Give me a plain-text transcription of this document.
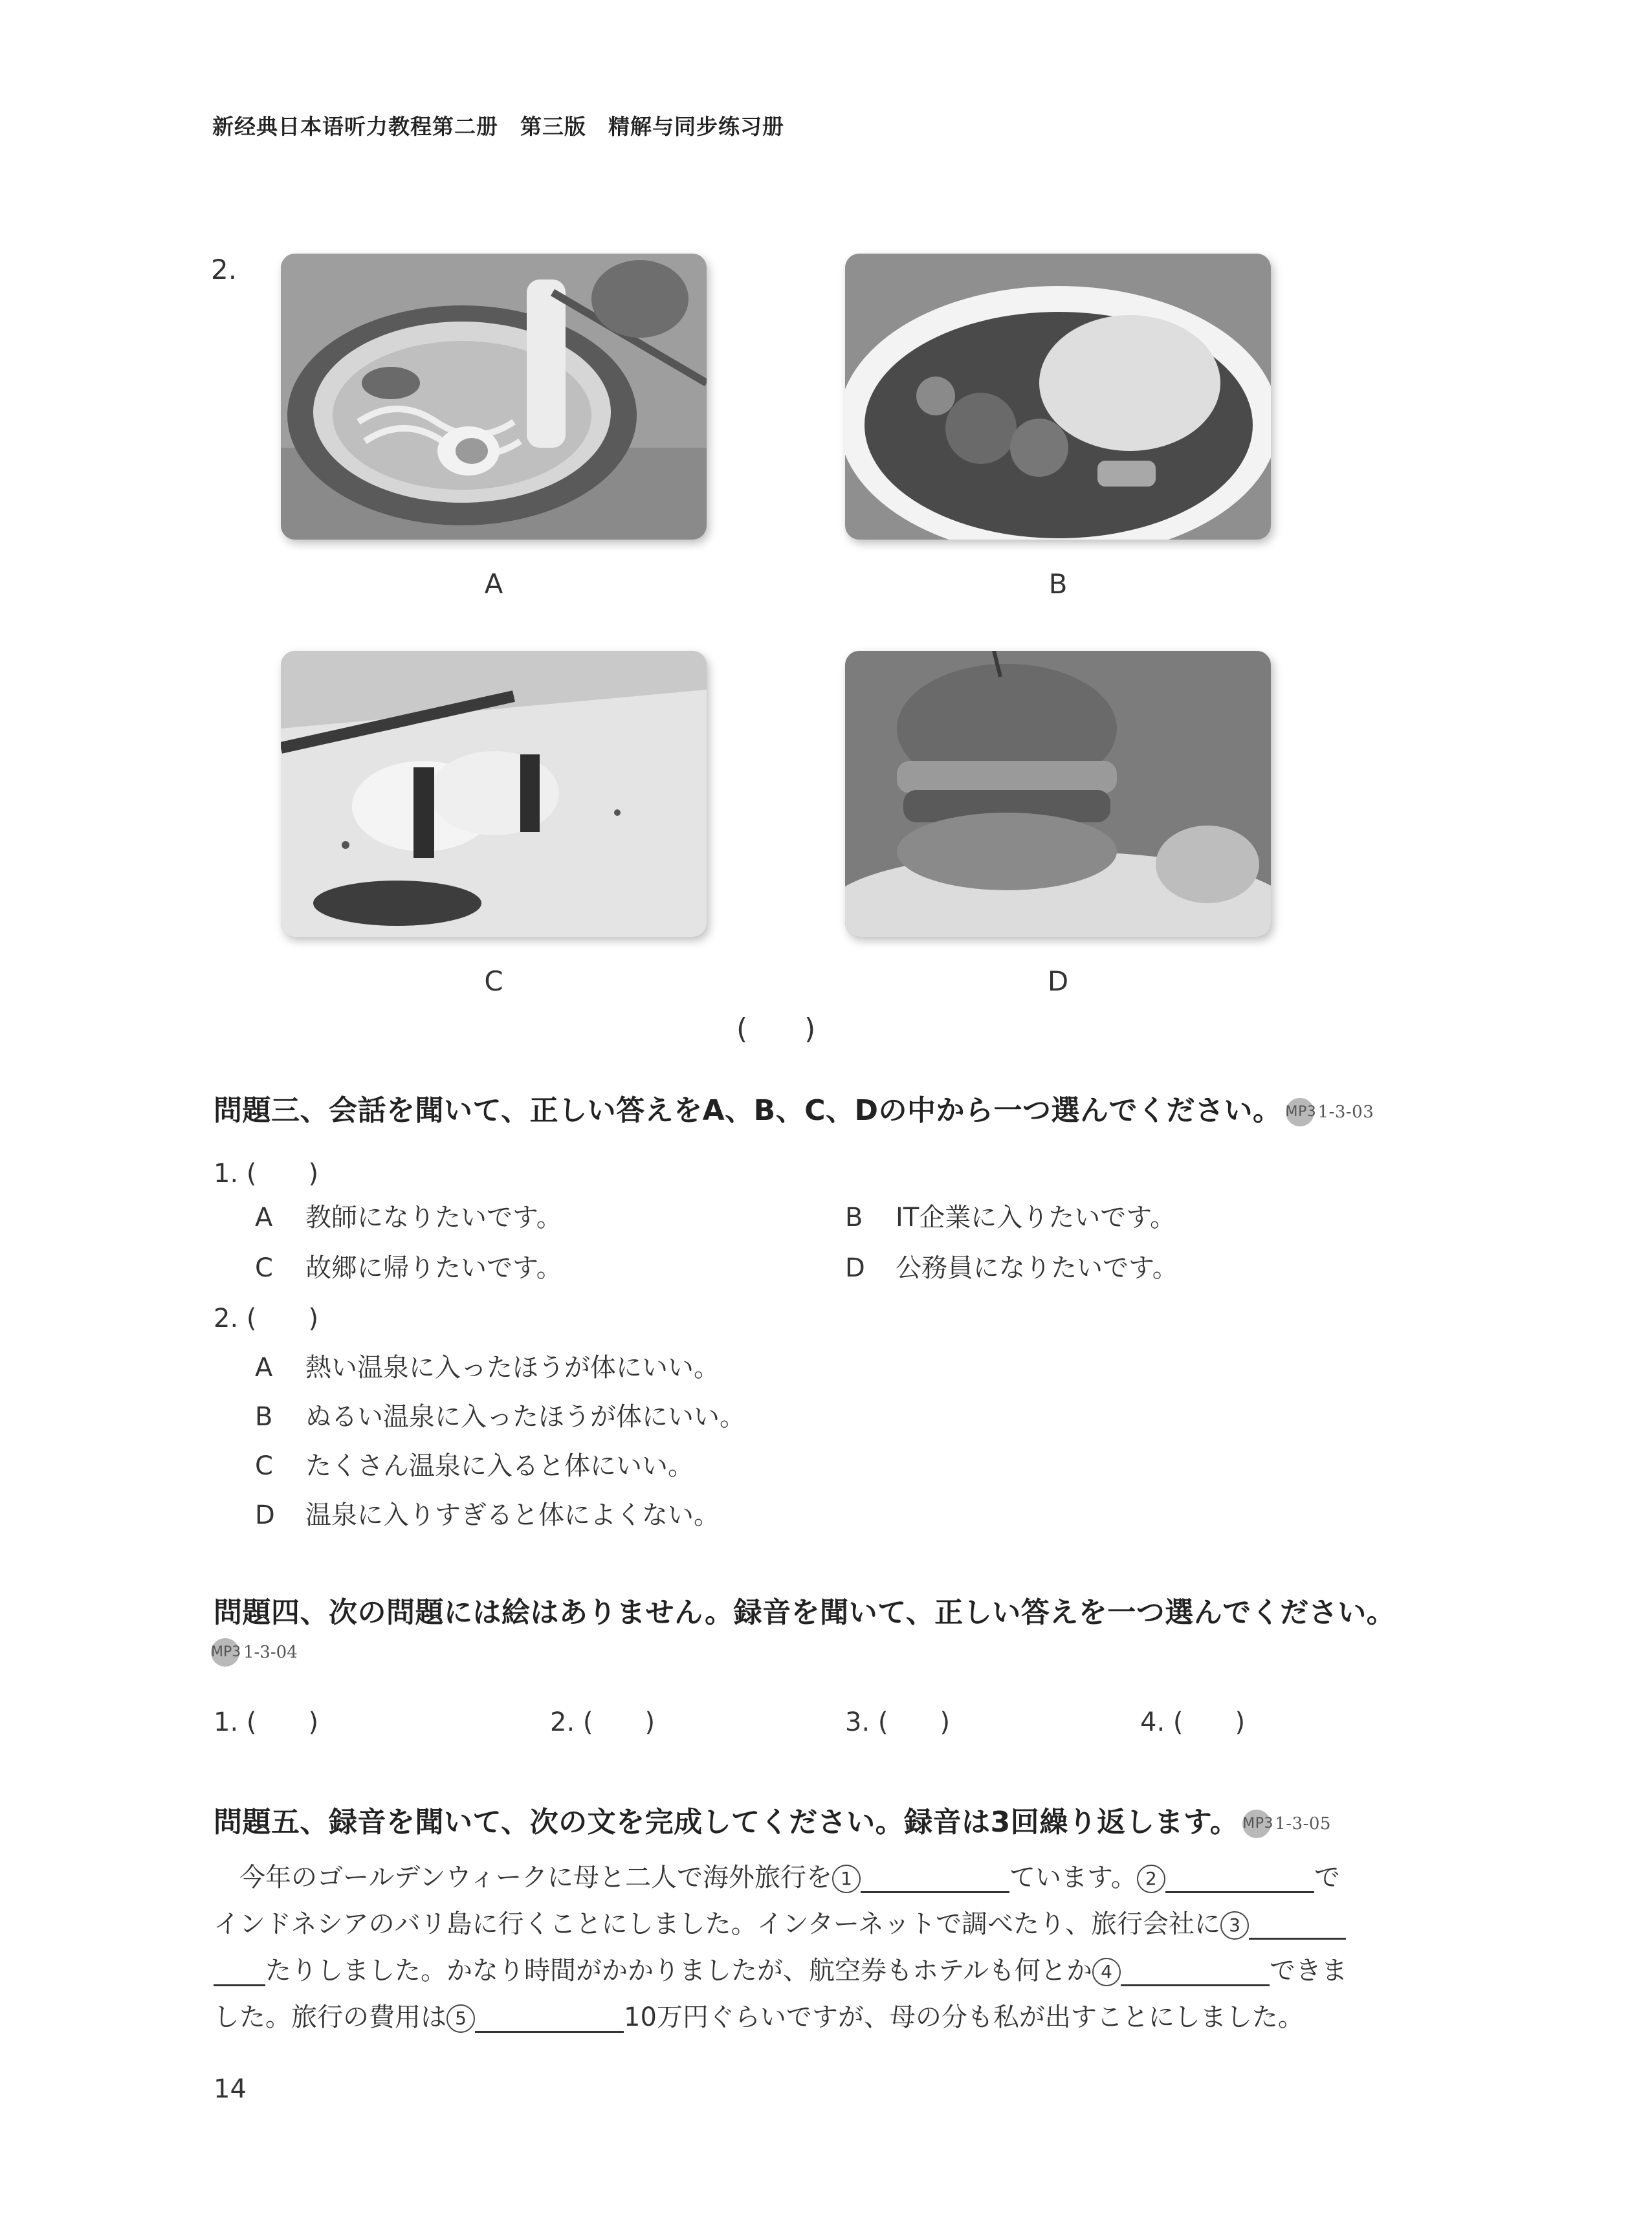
新经典日本语听力教程第二册　第三版　精解与同步练习册
2.
A	B
C	D
(　　)
問題三、会話を聞いて、正しい答えをA、B、C、Dの中から一つ選んでください。 MP31-3-03
1. (　　)
A 教師になりたいです。	B IT企業に入りたいです。
C 故郷に帰りたいです。	D 公務員になりたいです。
2. (　　)
A 熱い温泉に入ったほうが体にいい。
B ぬるい温泉に入ったほうが体にいい。
C たくさん温泉に入ると体にいい。
D 温泉に入りすぎると体によくない。
問題四、次の問題には絵はありません。録音を聞いて、正しい答えを一つ選んでください。
MP3 1-3-04
1. (　　)	2. (　　)	3. (　　)	4. (　　)
問題五、録音を聞いて、次の文を完成してください。録音は3回繰り返します。 MP31-3-05
今年のゴールデンウィークに母と二人で海外旅行を 1	ています。 2	で
インドネシアのバリ島に行くことにしました。インターネットで調べたり、旅行会社に 3
たりしました。かなり時間がかかりましたが、航空券もホテルも何とか 4	できま
した。旅行の費用は 5	10万円ぐらいですが、母の分も私が出すことにしました。
14
